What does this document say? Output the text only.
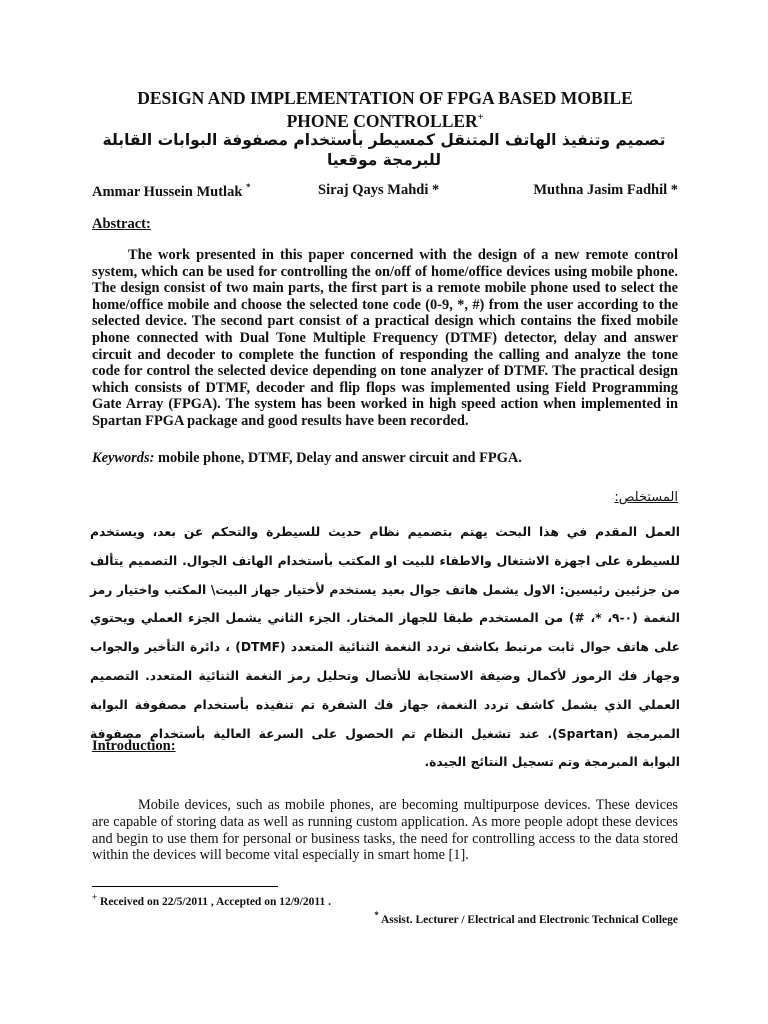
DESIGN AND IMPLEMENTATION OF FPGA BASED MOBILE
PHONE CONTROLLER+
تصميم وتنفيذ الهاتف المتنقل كمسيطر بأستخدام مصفوفة البوابات القابلة للبرمجة موقعيا
Ammar Hussein Mutlak *	Siraj Qays Mahdi *	Muthna Jasim Fadhil *
Abstract:

The work presented in this paper concerned with the design of a new remote control system, which can be used for controlling the on/off of home/office devices using mobile phone. The design consist of two main parts, the first part is a remote mobile phone used to select the home/office mobile and choose the selected tone code (0-9, *, #) from the user according to the selected device. The second part consist of a practical design which contains the fixed mobile phone connected with Dual Tone Multiple Frequency (DTMF) detector, delay and answer circuit and decoder to complete the function of responding the calling and analyze the tone code for control the selected device depending on tone analyzer of DTMF. The practical design which consists of DTMF, decoder and flip flops was implemented using Field Programming Gate Array (FPGA). The system has been worked in high speed action when implemented in Spartan FPGA package and good results have been recorded.

Keywords: mobile phone, DTMF, Delay and answer circuit and FPGA.
المستخلص:

العمل المقدم في هذا البحث يهتم بتصميم نظام حديث للسيطرة والتحكم عن بعد، ويستخدم للسيطرة على اجهزة الاشتغال والاطفاء للبيت او المكتب بأستخدام الهاتف الجوال. التصميم يتألف من جزئيين رئيسين: الاول يشمل هاتف جوال بعيد يستخدم لأختيار جهاز البيت\ المكتب واختيار رمز النغمة (٠-٩، *، #) من المستخدم طبقا للجهاز المختار. الجزء الثاني يشمل الجزء العملي ويحتوي على هاتف جوال ثابت مرتبط بكاشف تردد النغمة الثنائية المتعدد (DTMF) ، دائرة التأخير والجواب وجهاز فك الرموز لأكمال وضيفة الاستجابة للأتصال وتحليل رمز النغمة الثنائية المتعدد. التصميم العملي الذي يشمل كاشف تردد النغمة، جهاز فك الشفرة تم تنفيذه بأستخدام مصفوفة البوابة المبرمجة (Spartan). عند تشغيل النظام تم الحصول على السرعة العالية بأستخدام مصفوفة البوابة المبرمجة وتم تسجيل النتائج الجيدة.

Introduction:

Mobile devices, such as mobile phones, are becoming multipurpose devices. These devices are capable of storing data as well as running custom application. As more people adopt these devices and begin to use them for personal or business tasks, the need for controlling access to the data stored within the devices will become vital especially in smart home [1].

+ Received on 22/5/2011 , Accepted on 12/9/2011 .
* Assist. Lecturer / Electrical and Electronic Technical College
